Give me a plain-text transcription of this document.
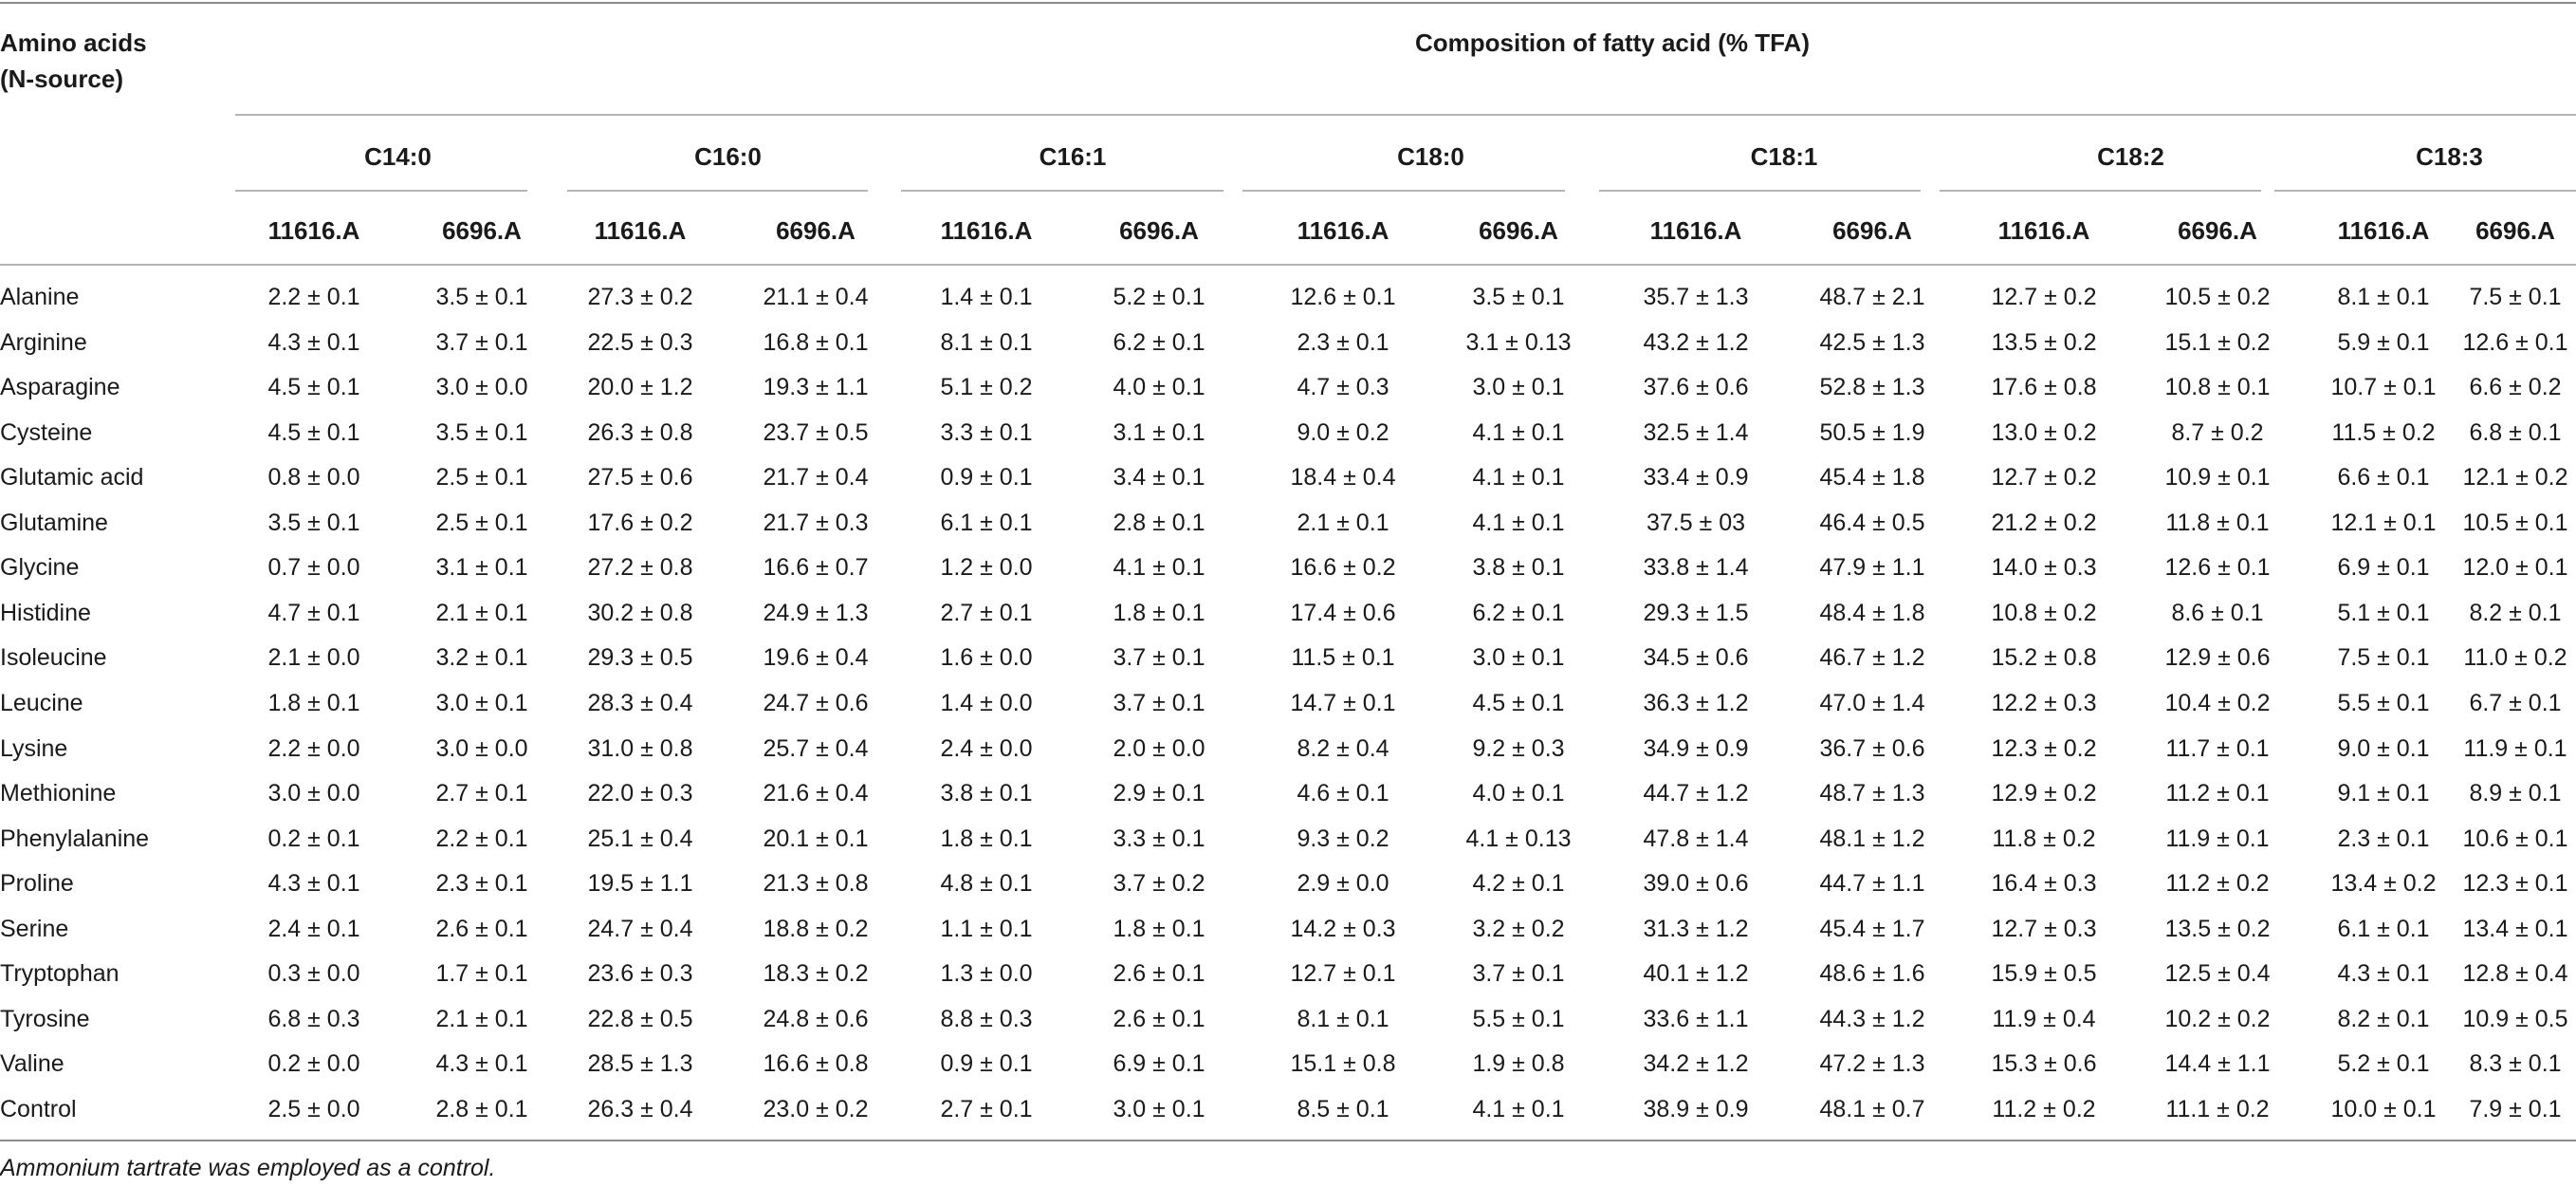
Amino acids
(N-source)
Composition of fatty acid (% TFA)
C14:0	C16:0	C16:1	C18:0	C18:1	C18:2	C18:3
11616.A	6696.A	11616.A	6696.A	11616.A	6696.A	11616.A	6696.A	11616.A	6696.A	11616.A	6696.A	11616.A	6696.A
Alanine	2.2 ± 0.1	3.5 ± 0.1	27.3 ± 0.2	21.1 ± 0.4	1.4 ± 0.1	5.2 ± 0.1	12.6 ± 0.1	3.5 ± 0.1	35.7 ± 1.3	48.7 ± 2.1	12.7 ± 0.2	10.5 ± 0.2	8.1 ± 0.1	7.5 ± 0.1
Arginine	4.3 ± 0.1	3.7 ± 0.1	22.5 ± 0.3	16.8 ± 0.1	8.1 ± 0.1	6.2 ± 0.1	2.3 ± 0.1	3.1 ± 0.13	43.2 ± 1.2	42.5 ± 1.3	13.5 ± 0.2	15.1 ± 0.2	5.9 ± 0.1	12.6 ± 0.1
Asparagine	4.5 ± 0.1	3.0 ± 0.0	20.0 ± 1.2	19.3 ± 1.1	5.1 ± 0.2	4.0 ± 0.1	4.7 ± 0.3	3.0 ± 0.1	37.6 ± 0.6	52.8 ± 1.3	17.6 ± 0.8	10.8 ± 0.1	10.7 ± 0.1	6.6 ± 0.2
Cysteine	4.5 ± 0.1	3.5 ± 0.1	26.3 ± 0.8	23.7 ± 0.5	3.3 ± 0.1	3.1 ± 0.1	9.0 ± 0.2	4.1 ± 0.1	32.5 ± 1.4	50.5 ± 1.9	13.0 ± 0.2	8.7 ± 0.2	11.5 ± 0.2	6.8 ± 0.1
Glutamic acid	0.8 ± 0.0	2.5 ± 0.1	27.5 ± 0.6	21.7 ± 0.4	0.9 ± 0.1	3.4 ± 0.1	18.4 ± 0.4	4.1 ± 0.1	33.4 ± 0.9	45.4 ± 1.8	12.7 ± 0.2	10.9 ± 0.1	6.6 ± 0.1	12.1 ± 0.2
Glutamine	3.5 ± 0.1	2.5 ± 0.1	17.6 ± 0.2	21.7 ± 0.3	6.1 ± 0.1	2.8 ± 0.1	2.1 ± 0.1	4.1 ± 0.1	37.5 ± 03	46.4 ± 0.5	21.2 ± 0.2	11.8 ± 0.1	12.1 ± 0.1	10.5 ± 0.1
Glycine	0.7 ± 0.0	3.1 ± 0.1	27.2 ± 0.8	16.6 ± 0.7	1.2 ± 0.0	4.1 ± 0.1	16.6 ± 0.2	3.8 ± 0.1	33.8 ± 1.4	47.9 ± 1.1	14.0 ± 0.3	12.6 ± 0.1	6.9 ± 0.1	12.0 ± 0.1
Histidine	4.7 ± 0.1	2.1 ± 0.1	30.2 ± 0.8	24.9 ± 1.3	2.7 ± 0.1	1.8 ± 0.1	17.4 ± 0.6	6.2 ± 0.1	29.3 ± 1.5	48.4 ± 1.8	10.8 ± 0.2	8.6 ± 0.1	5.1 ± 0.1	8.2 ± 0.1
Isoleucine	2.1 ± 0.0	3.2 ± 0.1	29.3 ± 0.5	19.6 ± 0.4	1.6 ± 0.0	3.7 ± 0.1	11.5 ± 0.1	3.0 ± 0.1	34.5 ± 0.6	46.7 ± 1.2	15.2 ± 0.8	12.9 ± 0.6	7.5 ± 0.1	11.0 ± 0.2
Leucine	1.8 ± 0.1	3.0 ± 0.1	28.3 ± 0.4	24.7 ± 0.6	1.4 ± 0.0	3.7 ± 0.1	14.7 ± 0.1	4.5 ± 0.1	36.3 ± 1.2	47.0 ± 1.4	12.2 ± 0.3	10.4 ± 0.2	5.5 ± 0.1	6.7 ± 0.1
Lysine	2.2 ± 0.0	3.0 ± 0.0	31.0 ± 0.8	25.7 ± 0.4	2.4 ± 0.0	2.0 ± 0.0	8.2 ± 0.4	9.2 ± 0.3	34.9 ± 0.9	36.7 ± 0.6	12.3 ± 0.2	11.7 ± 0.1	9.0 ± 0.1	11.9 ± 0.1
Methionine	3.0 ± 0.0	2.7 ± 0.1	22.0 ± 0.3	21.6 ± 0.4	3.8 ± 0.1	2.9 ± 0.1	4.6 ± 0.1	4.0 ± 0.1	44.7 ± 1.2	48.7 ± 1.3	12.9 ± 0.2	11.2 ± 0.1	9.1 ± 0.1	8.9 ± 0.1
Phenylalanine	0.2 ± 0.1	2.2 ± 0.1	25.1 ± 0.4	20.1 ± 0.1	1.8 ± 0.1	3.3 ± 0.1	9.3 ± 0.2	4.1 ± 0.13	47.8 ± 1.4	48.1 ± 1.2	11.8 ± 0.2	11.9 ± 0.1	2.3 ± 0.1	10.6 ± 0.1
Proline	4.3 ± 0.1	2.3 ± 0.1	19.5 ± 1.1	21.3 ± 0.8	4.8 ± 0.1	3.7 ± 0.2	2.9 ± 0.0	4.2 ± 0.1	39.0 ± 0.6	44.7 ± 1.1	16.4 ± 0.3	11.2 ± 0.2	13.4 ± 0.2	12.3 ± 0.1
Serine	2.4 ± 0.1	2.6 ± 0.1	24.7 ± 0.4	18.8 ± 0.2	1.1 ± 0.1	1.8 ± 0.1	14.2 ± 0.3	3.2 ± 0.2	31.3 ± 1.2	45.4 ± 1.7	12.7 ± 0.3	13.5 ± 0.2	6.1 ± 0.1	13.4 ± 0.1
Tryptophan	0.3 ± 0.0	1.7 ± 0.1	23.6 ± 0.3	18.3 ± 0.2	1.3 ± 0.0	2.6 ± 0.1	12.7 ± 0.1	3.7 ± 0.1	40.1 ± 1.2	48.6 ± 1.6	15.9 ± 0.5	12.5 ± 0.4	4.3 ± 0.1	12.8 ± 0.4
Tyrosine	6.8 ± 0.3	2.1 ± 0.1	22.8 ± 0.5	24.8 ± 0.6	8.8 ± 0.3	2.6 ± 0.1	8.1 ± 0.1	5.5 ± 0.1	33.6 ± 1.1	44.3 ± 1.2	11.9 ± 0.4	10.2 ± 0.2	8.2 ± 0.1	10.9 ± 0.5
Valine	0.2 ± 0.0	4.3 ± 0.1	28.5 ± 1.3	16.6 ± 0.8	0.9 ± 0.1	6.9 ± 0.1	15.1 ± 0.8	1.9 ± 0.8	34.2 ± 1.2	47.2 ± 1.3	15.3 ± 0.6	14.4 ± 1.1	5.2 ± 0.1	8.3 ± 0.1
Control	2.5 ± 0.0	2.8 ± 0.1	26.3 ± 0.4	23.0 ± 0.2	2.7 ± 0.1	3.0 ± 0.1	8.5 ± 0.1	4.1 ± 0.1	38.9 ± 0.9	48.1 ± 0.7	11.2 ± 0.2	11.1 ± 0.2	10.0 ± 0.1	7.9 ± 0.1
Ammonium tartrate was employed as a control.
